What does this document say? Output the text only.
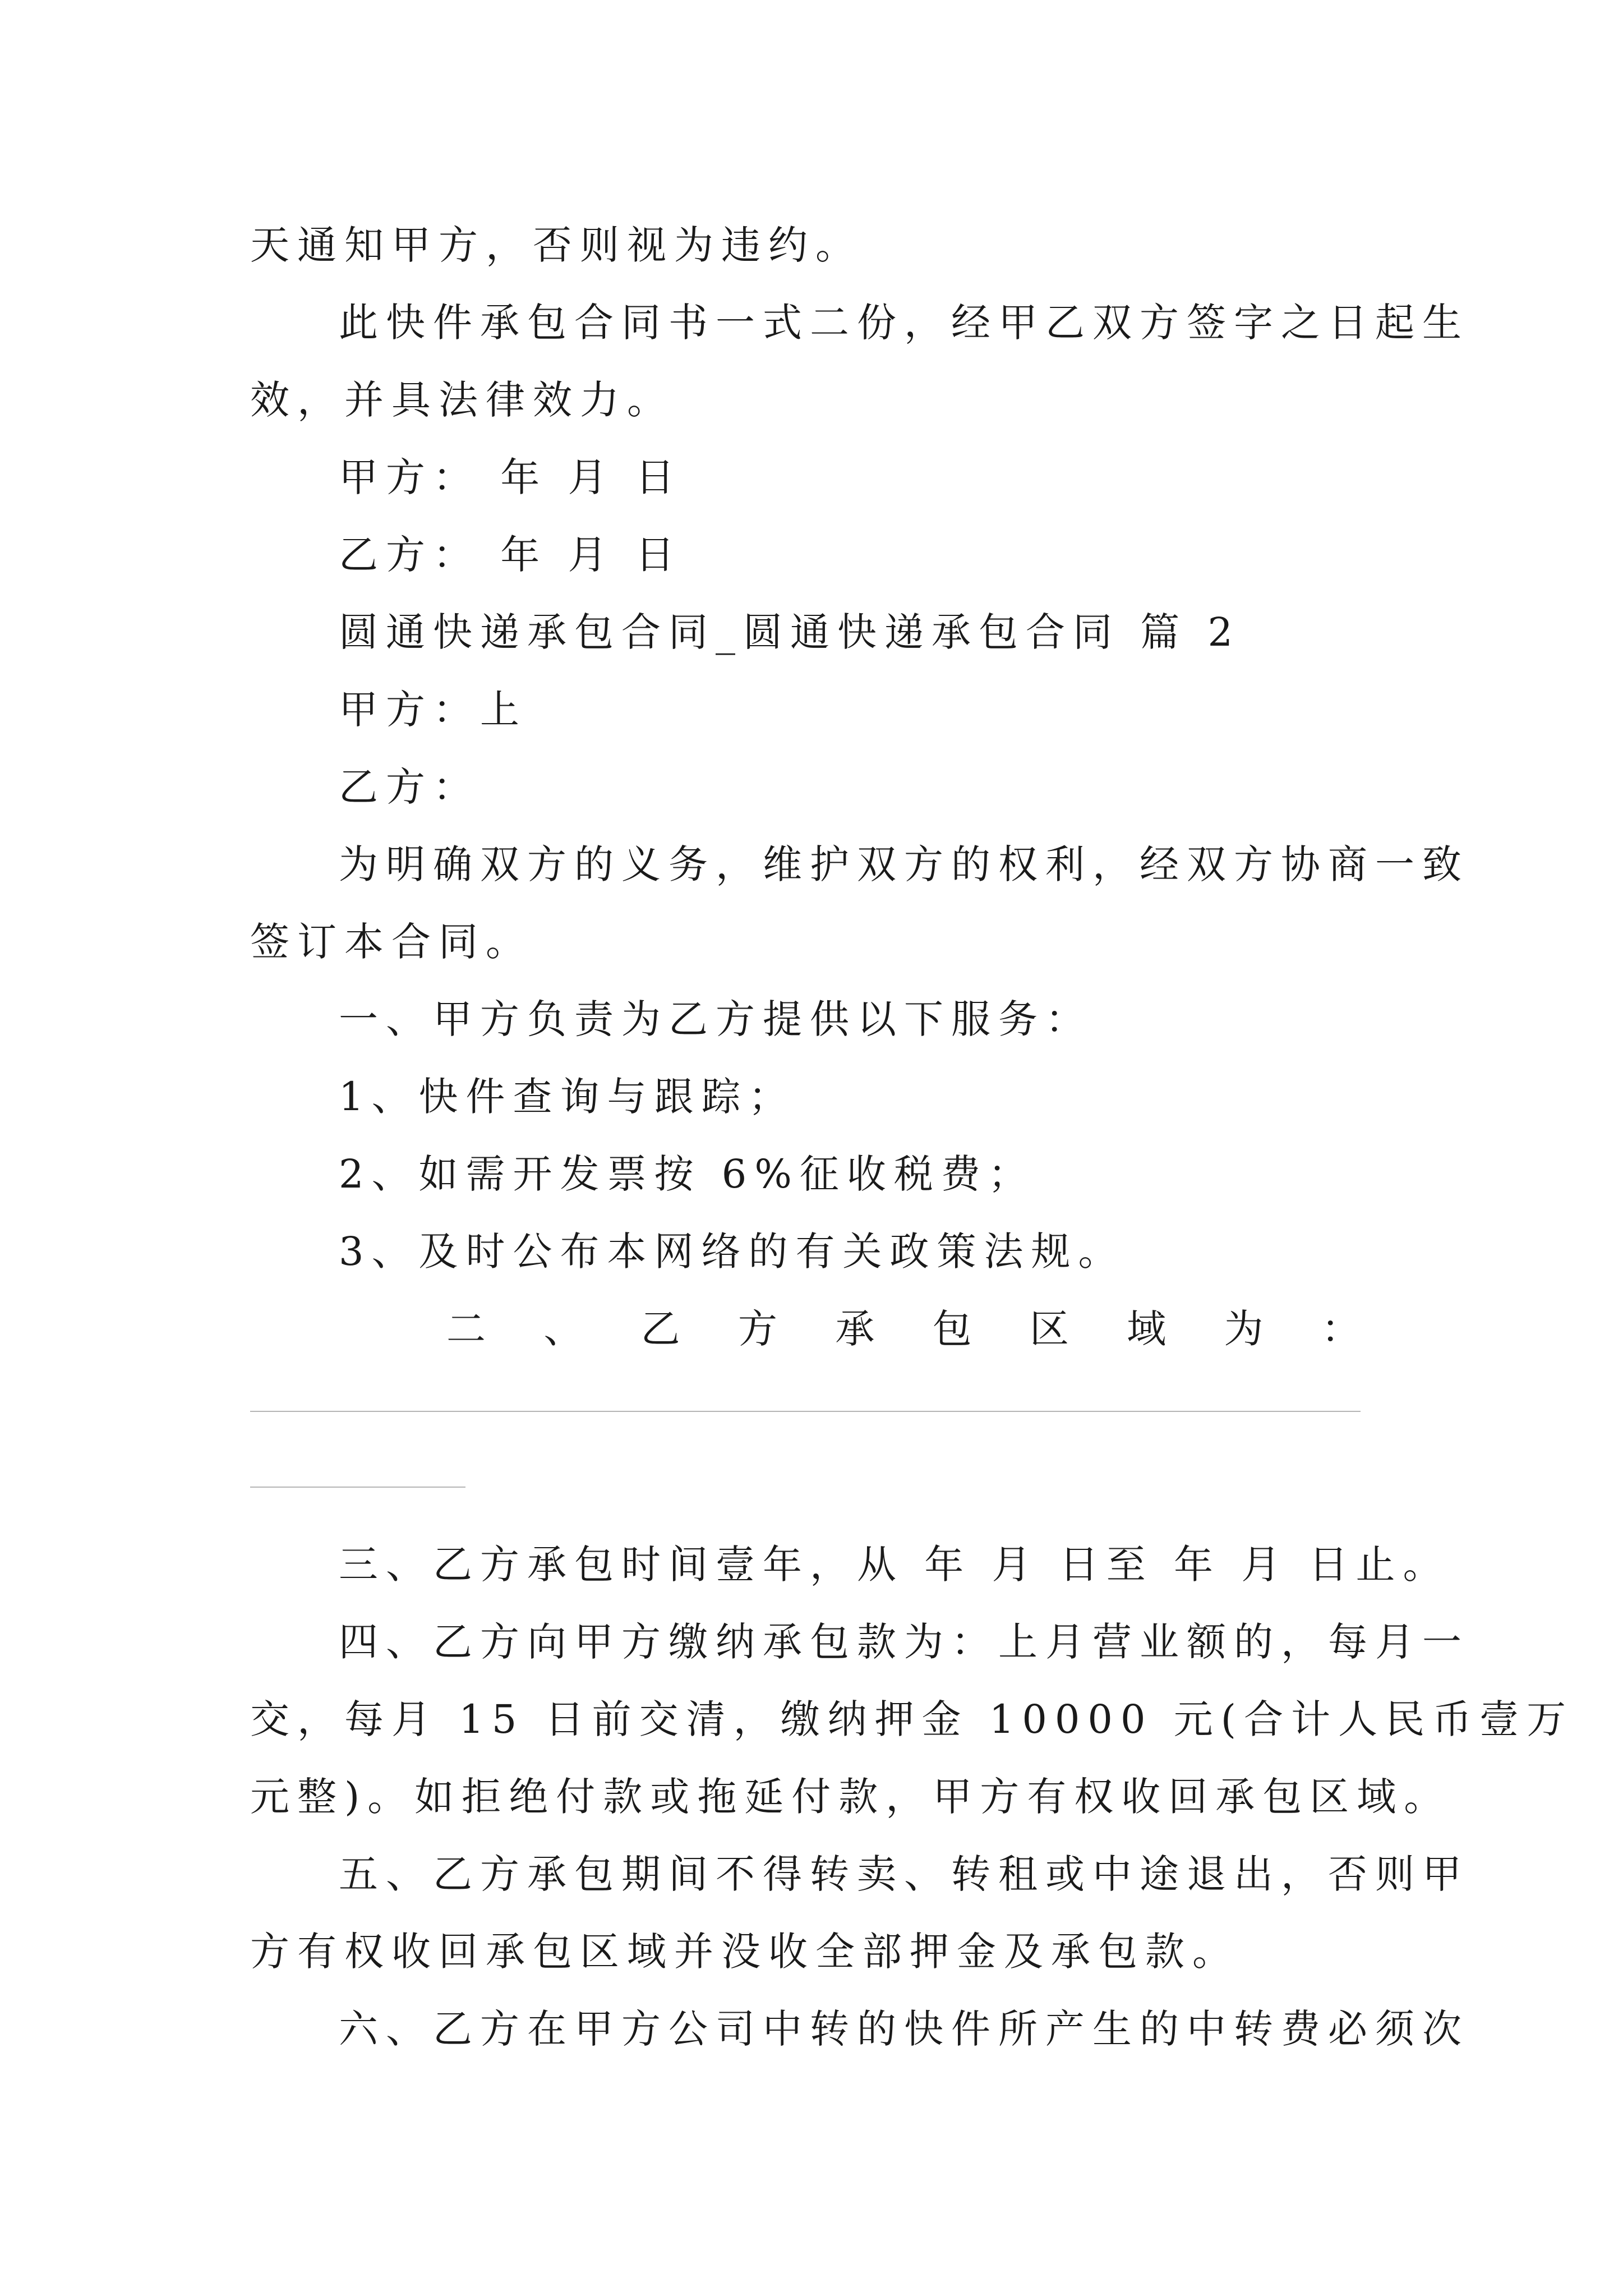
天通知甲方，否则视为违约。
此快件承包合同书一式二份，经甲乙双方签字之日起生
效，并具法律效力。
甲方： 年 月 日
乙方： 年 月 日
圆通快递承包合同_圆通快递承包合同 篇 2
甲方：上
乙方：
为明确双方的义务，维护双方的权利，经双方协商一致
签订本合同。
一、甲方负责为乙方提供以下服务：
1、快件查询与跟踪；
2、如需开发票按 6%征收税费；
3、及时公布本网络的有关政策法规。
二 、 乙 方 承 包 区 域 为 ：
三、乙方承包时间壹年，从 年 月 日至 年 月 日止。
四、乙方向甲方缴纳承包款为：上月营业额的，每月一
交，每月 15 日前交清，缴纳押金 10000 元(合计人民币壹万
元整)。如拒绝付款或拖延付款，甲方有权收回承包区域。
五、乙方承包期间不得转卖、转租或中途退出，否则甲
方有权收回承包区域并没收全部押金及承包款。
六、乙方在甲方公司中转的快件所产生的中转费必须次
